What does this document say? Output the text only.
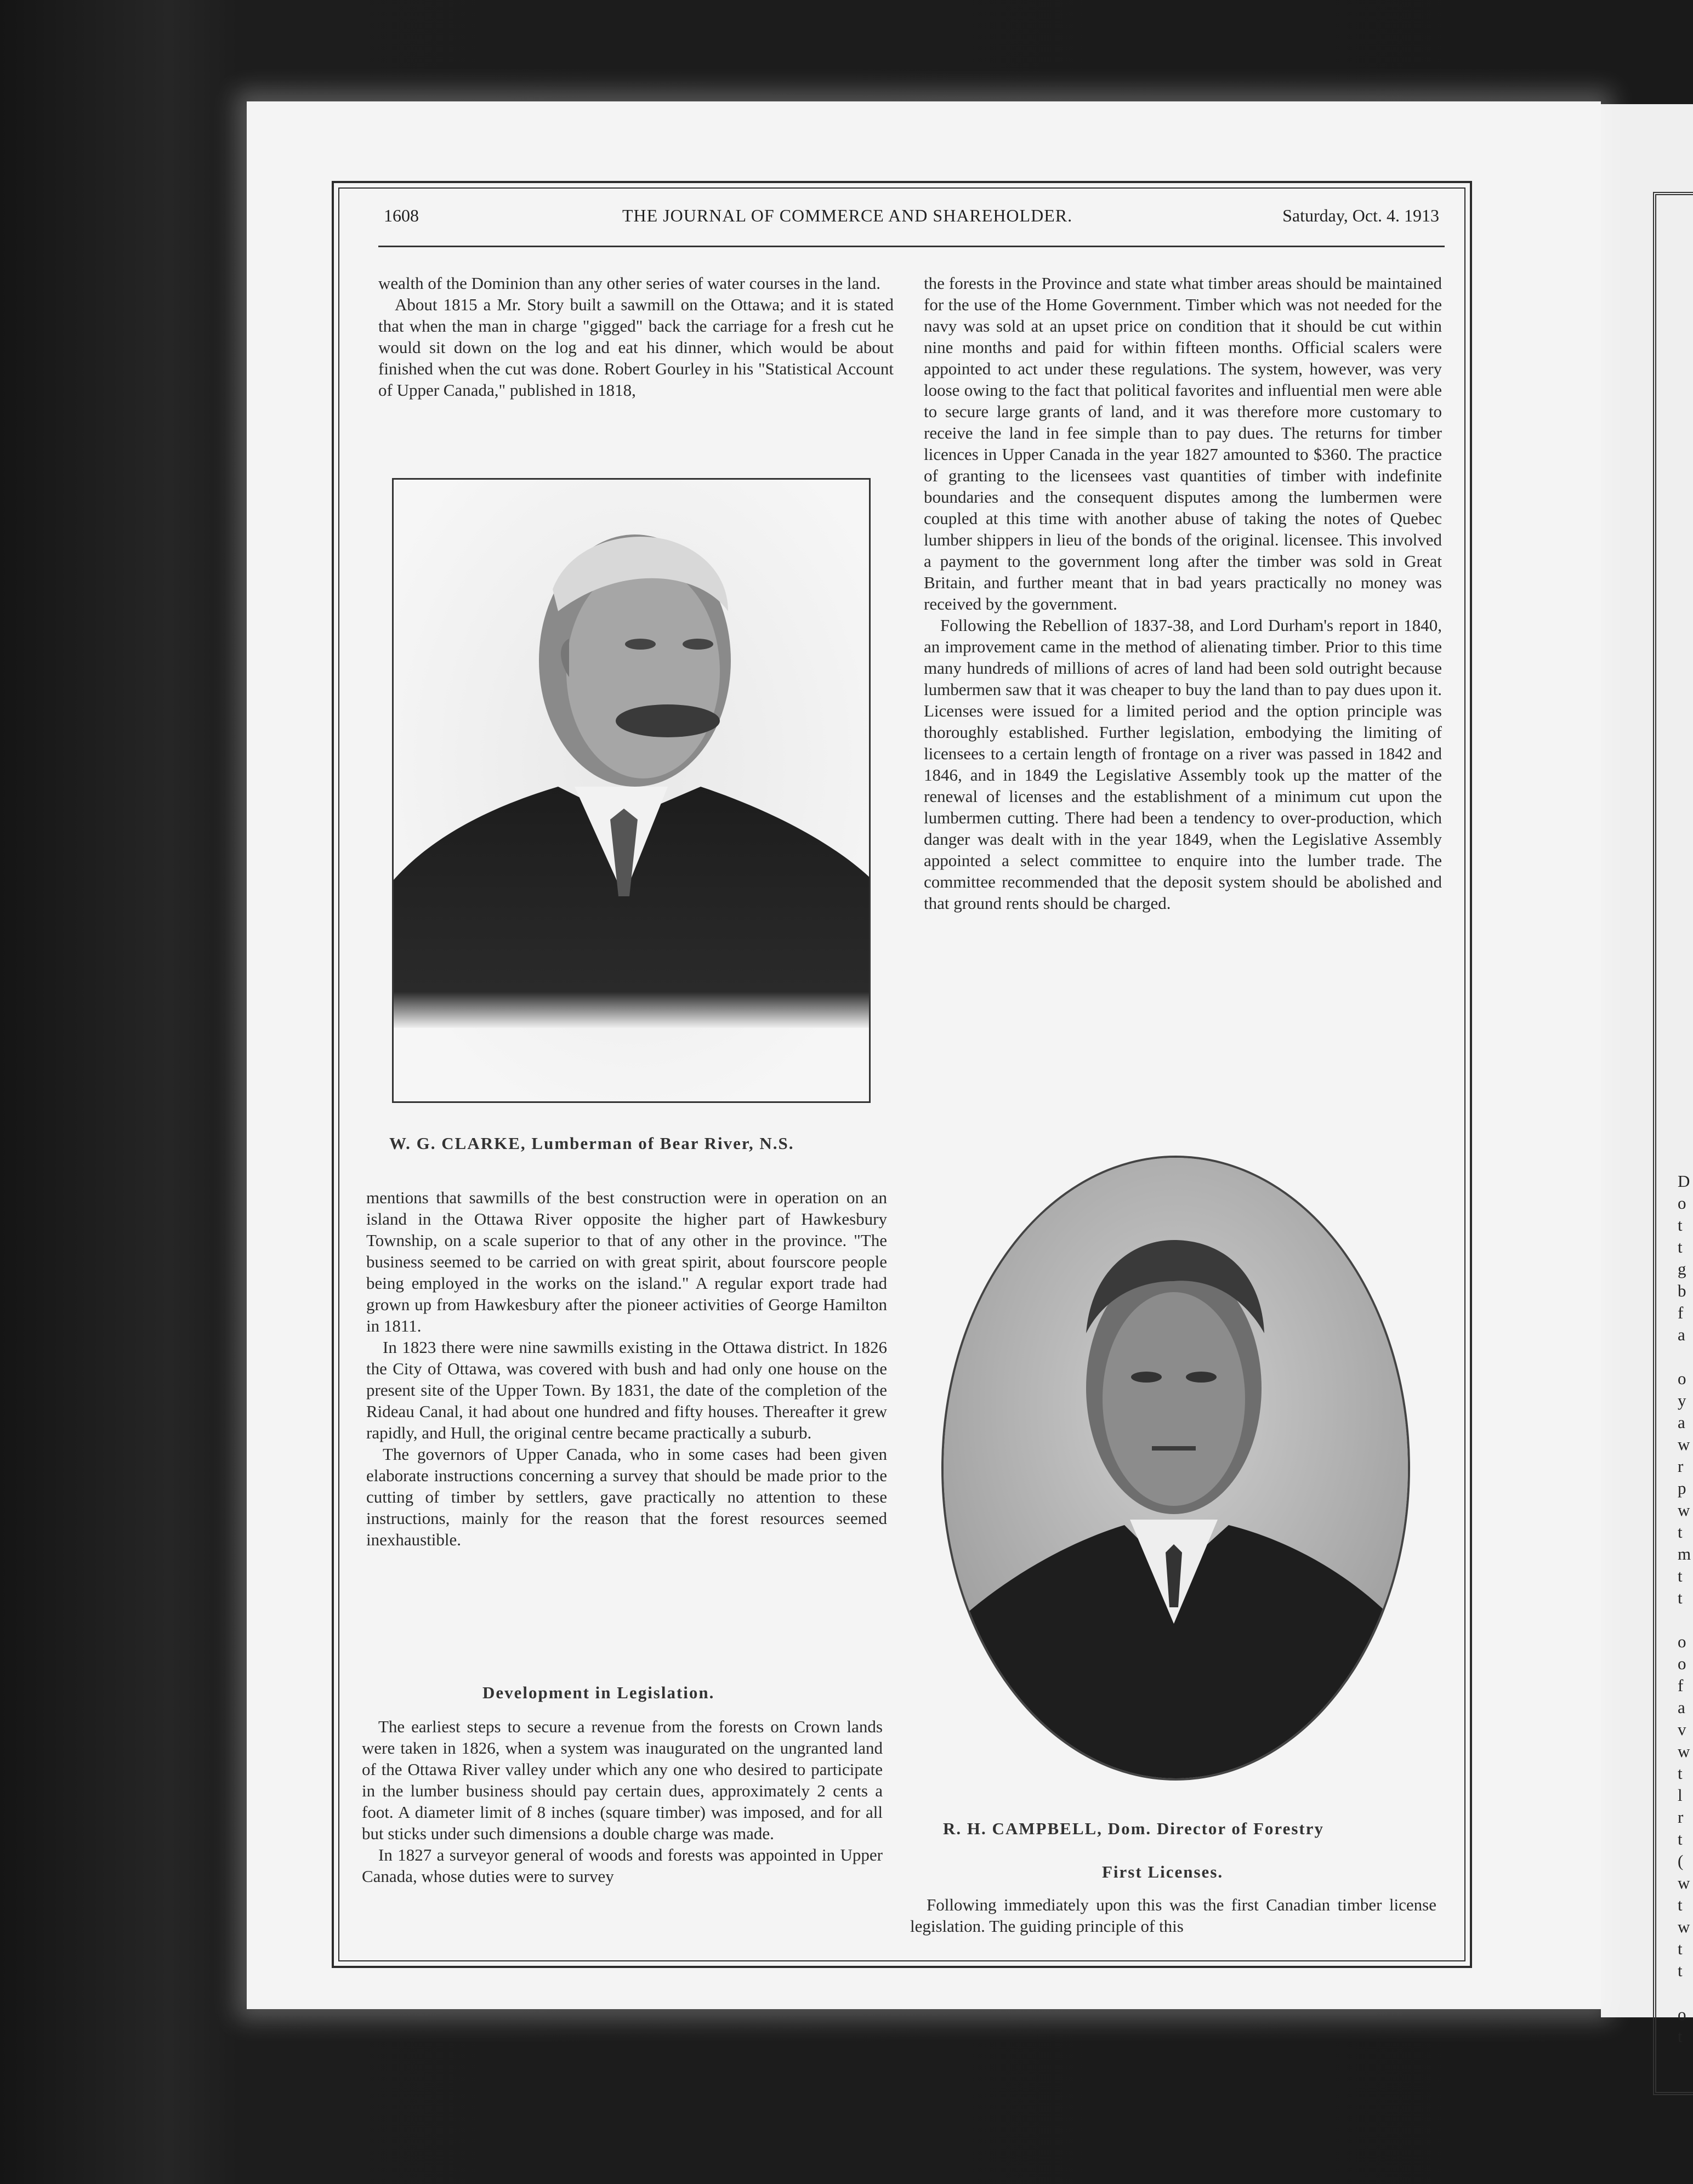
D
o
t
t
g
b
f
a

o
y
a
w
r
p
w
t
m
t
t

o
o
f
a
v
w
t
l
r
t
(
w
t
w
t
t

o
t
1608	THE JOURNAL OF COMMERCE AND SHAREHOLDER.	Saturday, Oct. 4. 1913

wealth of the Dominion than any other series of water courses in the land.

About 1815 a Mr. Story built a sawmill on the Ottawa; and it is stated that when the man in charge "gigged" back the carriage for a fresh cut he would sit down on the log and eat his dinner, which would be about finished when the cut was done. Robert Gourley in his "Statistical Account of Upper Canada," published in 1818,

W. G. CLARKE, Lumberman of Bear River, N.S.

mentions that sawmills of the best construction were in operation on an island in the Ottawa River opposite the higher part of Hawkesbury Township, on a scale superior to that of any other in the province. "The business seemed to be carried on with great spirit, about fourscore people being employed in the works on the island." A regular export trade had grown up from Hawkesbury after the pioneer activities of George Hamilton in 1811.

In 1823 there were nine sawmills existing in the Ottawa district. In 1826 the City of Ottawa, was covered with bush and had only one house on the present site of the Upper Town. By 1831, the date of the completion of the Rideau Canal, it had about one hundred and fifty houses. Thereafter it grew rapidly, and Hull, the original centre became practically a suburb.

The governors of Upper Canada, who in some cases had been given elaborate instructions concerning a survey that should be made prior to the cutting of timber by settlers, gave practically no attention to these instructions, mainly for the reason that the forest resources seemed inexhaustible.

Development in Legislation.

The earliest steps to secure a revenue from the forests on Crown lands were taken in 1826, when a system was inaugurated on the ungranted land of the Ottawa River valley under which any one who desired to participate in the lumber business should pay certain dues, approximately 2 cents a foot. A diameter limit of 8 inches (square timber) was imposed, and for all but sticks under such dimensions a double charge was made.

In 1827 a surveyor general of woods and forests was appointed in Upper Canada, whose duties were to survey

the forests in the Province and state what timber areas should be maintained for the use of the Home Government. Timber which was not needed for the navy was sold at an upset price on condition that it should be cut within nine months and paid for within fifteen months. Official scalers were appointed to act under these regulations. The system, however, was very loose owing to the fact that political favorites and influential men were able to secure large grants of land, and it was therefore more customary to receive the land in fee simple than to pay dues. The returns for timber licences in Upper Canada in the year 1827 amounted to $360. The practice of granting to the licensees vast quantities of timber with indefinite boundaries and the consequent disputes among the lumbermen were coupled at this time with another abuse of taking the notes of Quebec lumber shippers in lieu of the bonds of the original. licensee. This involved a payment to the government long after the timber was sold in Great Britain, and further meant that in bad years practically no money was received by the government.

Following the Rebellion of 1837-38, and Lord Durham's report in 1840, an improvement came in the method of alienating timber. Prior to this time many hundreds of millions of acres of land had been sold outright because lumbermen saw that it was cheaper to buy the land than to pay dues upon it. Licenses were issued for a limited period and the option principle was thoroughly established. Further legislation, embodying the limiting of licensees to a certain length of frontage on a river was passed in 1842 and 1846, and in 1849 the Legislative Assembly took up the matter of the renewal of licenses and the establishment of a minimum cut upon the lumbermen cutting. There had been a tendency to over-production, which danger was dealt with in the year 1849, when the Legislative Assembly appointed a select committee to enquire into the lumber trade. The committee recommended that the deposit system should be abolished and that ground rents should be charged.

R. H. CAMPBELL, Dom. Director of Forestry
First Licenses.

Following immediately upon this was the first Canadian timber license legislation. The guiding principle of this
